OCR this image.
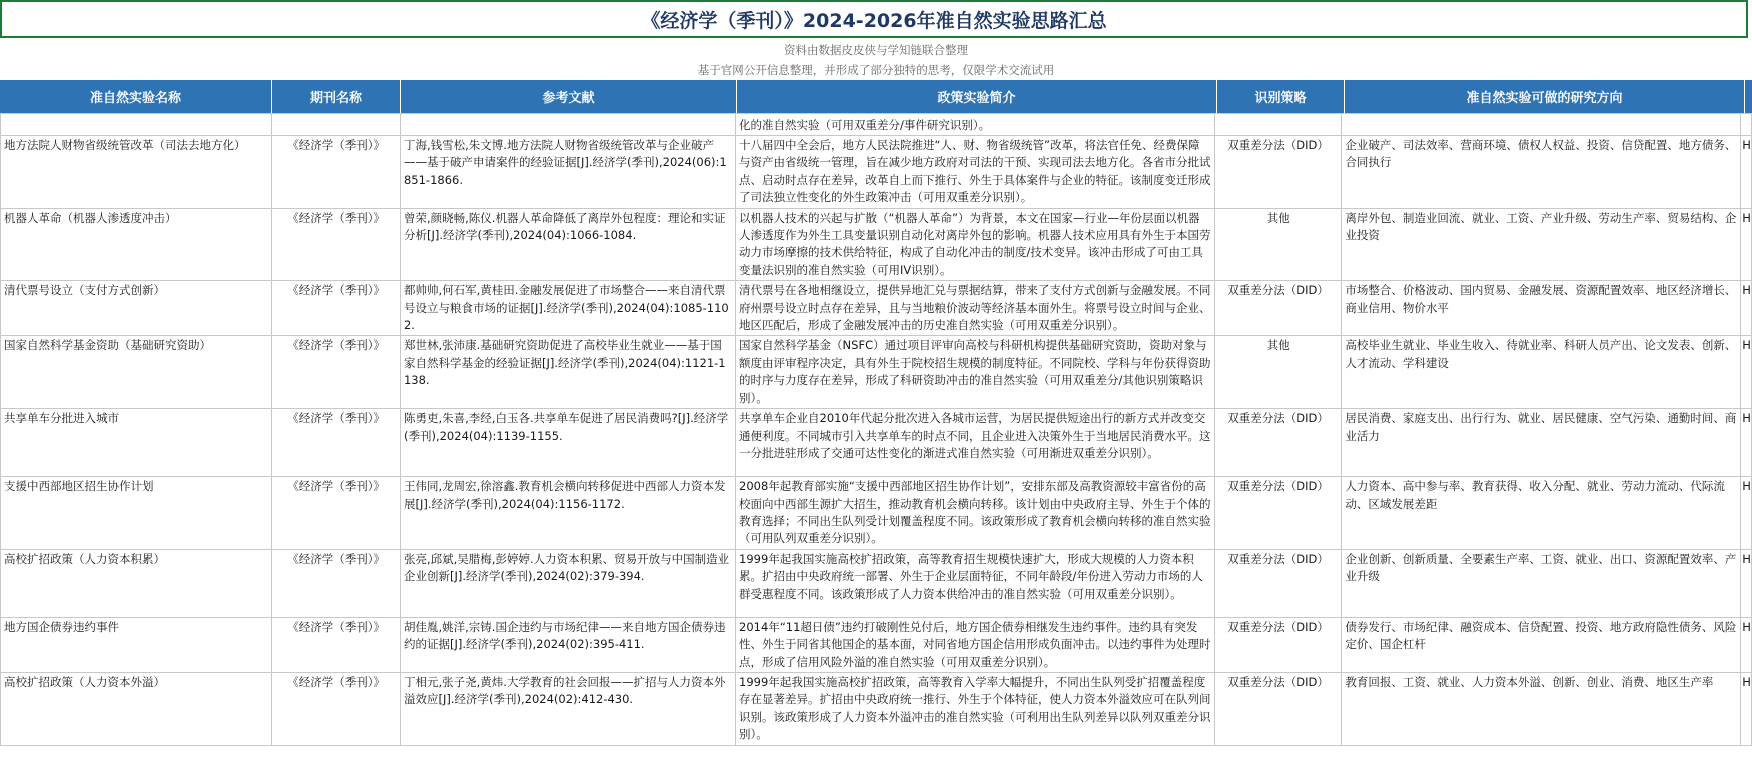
《经济学（季刊）》2024-2026年准自然实验思路汇总
资料由数据皮皮侠与学知链联合整理
基于官网公开信息整理，并形成了部分独特的思考，仅限学术交流试用
准自然实验名称	期刊名称	参考文献	政策实验简介	识别策略	准自然实验可做的研究方向
			化的准自然实验（可用双重差分/事件研究识别）。			
地方法院人财物省级统管改革（司法去地方化）	《经济学（季刊）》	丁海,钱雪松,朱文博.地方法院人财物省级统管改革与企业破产——基于破产申请案件的经验证据[J].经济学(季刊),2024(06):1851-1866.	十八届四中全会后，地方人民法院推进“人、财、物省级统管”改革，将法官任免、经费保障与资产由省级统一管理，旨在减少地方政府对司法的干预、实现司法去地方化。各省市分批试点、启动时点存在差异，改革自上而下推行、外生于具体案件与企业的特征。该制度变迁形成了司法独立性变化的外生政策冲击（可用双重差分识别）。	双重差分法（DID）	企业破产、司法效率、营商环境、债权人权益、投资、信贷配置、地方债务、合同执行	H
机器人革命（机器人渗透度冲击）	《经济学（季刊）》	曾荣,颜晓畅,陈仪.机器人革命降低了离岸外包程度：理论和实证分析[J].经济学(季刊),2024(04):1066-1084.	以机器人技术的兴起与扩散（“机器人革命”）为背景，本文在国家—行业—年份层面以机器人渗透度作为外生工具变量识别自动化对离岸外包的影响。机器人技术应用具有外生于本国劳动力市场摩擦的技术供给特征，构成了自动化冲击的制度/技术变异。该冲击形成了可由工具变量法识别的准自然实验（可用IV识别）。	其他	离岸外包、制造业回流、就业、工资、产业升级、劳动生产率、贸易结构、企业投资	H
清代票号设立（支付方式创新）	《经济学（季刊）》	都帅帅,何石军,黄桂田.金融发展促进了市场整合——来自清代票号设立与粮食市场的证据[J].经济学(季刊),2024(04):1085-1102.	清代票号在各地相继设立，提供异地汇兑与票据结算，带来了支付方式创新与金融发展。不同府州票号设立时点存在差异，且与当地粮价波动等经济基本面外生。将票号设立时间与企业、地区匹配后，形成了金融发展冲击的历史准自然实验（可用双重差分识别）。	双重差分法（DID）	市场整合、价格波动、国内贸易、金融发展、资源配置效率、地区经济增长、商业信用、物价水平	H
国家自然科学基金资助（基础研究资助）	《经济学（季刊）》	郑世林,张沛康.基础研究资助促进了高校毕业生就业——基于国家自然科学基金的经验证据[J].经济学(季刊),2024(04):1121-1138.	国家自然科学基金（NSFC）通过项目评审向高校与科研机构提供基础研究资助，资助对象与额度由评审程序决定，具有外生于院校招生规模的制度特征。不同院校、学科与年份获得资助的时序与力度存在差异，形成了科研资助冲击的准自然实验（可用双重差分/其他识别策略识别）。	其他	高校毕业生就业、毕业生收入、待就业率、科研人员产出、论文发表、创新、人才流动、学科建设	H
共享单车分批进入城市	《经济学（季刊）》	陈勇吏,朱喜,李经,白玉各.共享单车促进了居民消费吗?[J].经济学(季刊),2024(04):1139-1155.	共享单车企业自2010年代起分批次进入各城市运营，为居民提供短途出行的新方式并改变交通便利度。不同城市引入共享单车的时点不同，且企业进入决策外生于当地居民消费水平。这一分批进驻形成了交通可达性变化的渐进式准自然实验（可用渐进双重差分识别）。	双重差分法（DID）	居民消费、家庭支出、出行行为、就业、居民健康、空气污染、通勤时间、商业活力	H
支援中西部地区招生协作计划	《经济学（季刊）》	王伟同,龙周宏,徐溶鑫.教育机会横向转移促进中西部人力资本发展[J].经济学(季刊),2024(04):1156-1172.	2008年起教育部实施“支援中西部地区招生协作计划”，安排东部及高教资源较丰富省份的高校面向中西部生源扩大招生，推动教育机会横向转移。该计划由中央政府主导、外生于个体的教育选择；不同出生队列受计划覆盖程度不同。该政策形成了教育机会横向转移的准自然实验（可用队列双重差分识别）。	双重差分法（DID）	人力资本、高中参与率、教育获得、收入分配、就业、劳动力流动、代际流动、区域发展差距	H
高校扩招政策（人力资本积累）	《经济学（季刊）》	张亮,邱斌,吴腊梅,彭婷婷.人力资本积累、贸易开放与中国制造业企业创新[J].经济学(季刊),2024(02):379-394.	1999年起我国实施高校扩招政策，高等教育招生规模快速扩大，形成大规模的人力资本积累。扩招由中央政府统一部署、外生于企业层面特征，不同年龄段/年份进入劳动力市场的人群受惠程度不同。该政策形成了人力资本供给冲击的准自然实验（可用双重差分识别）。	双重差分法（DID）	企业创新、创新质量、全要素生产率、工资、就业、出口、资源配置效率、产业升级	H
地方国企债券违约事件	《经济学（季刊）》	胡佳胤,姚洋,宗铸.国企违约与市场纪律——来自地方国企债券违约的证据[J].经济学(季刊),2024(02):395-411.	2014年“11超日债”违约打破刚性兑付后，地方国企债券相继发生违约事件。违约具有突发性、外生于同省其他国企的基本面，对同省地方国企信用形成负面冲击。以违约事件为处理时点，形成了信用风险外溢的准自然实验（可用双重差分识别）。	双重差分法（DID）	债券发行、市场纪律、融资成本、信贷配置、投资、地方政府隐性债务、风险定价、国企杠杆	H
高校扩招政策（人力资本外溢）	《经济学（季刊）》	丁相元,张子尧,黄炜.大学教育的社会回报——扩招与人力资本外溢效应[J].经济学(季刊),2024(02):412-430.	1999年起我国实施高校扩招政策，高等教育入学率大幅提升，不同出生队列受扩招覆盖程度存在显著差异。扩招由中央政府统一推行、外生于个体特征，使人力资本外溢效应可在队列间识别。该政策形成了人力资本外溢冲击的准自然实验（可利用出生队列差异以队列双重差分识别）。	双重差分法（DID）	教育回报、工资、就业、人力资本外溢、创新、创业、消费、地区生产率	H
